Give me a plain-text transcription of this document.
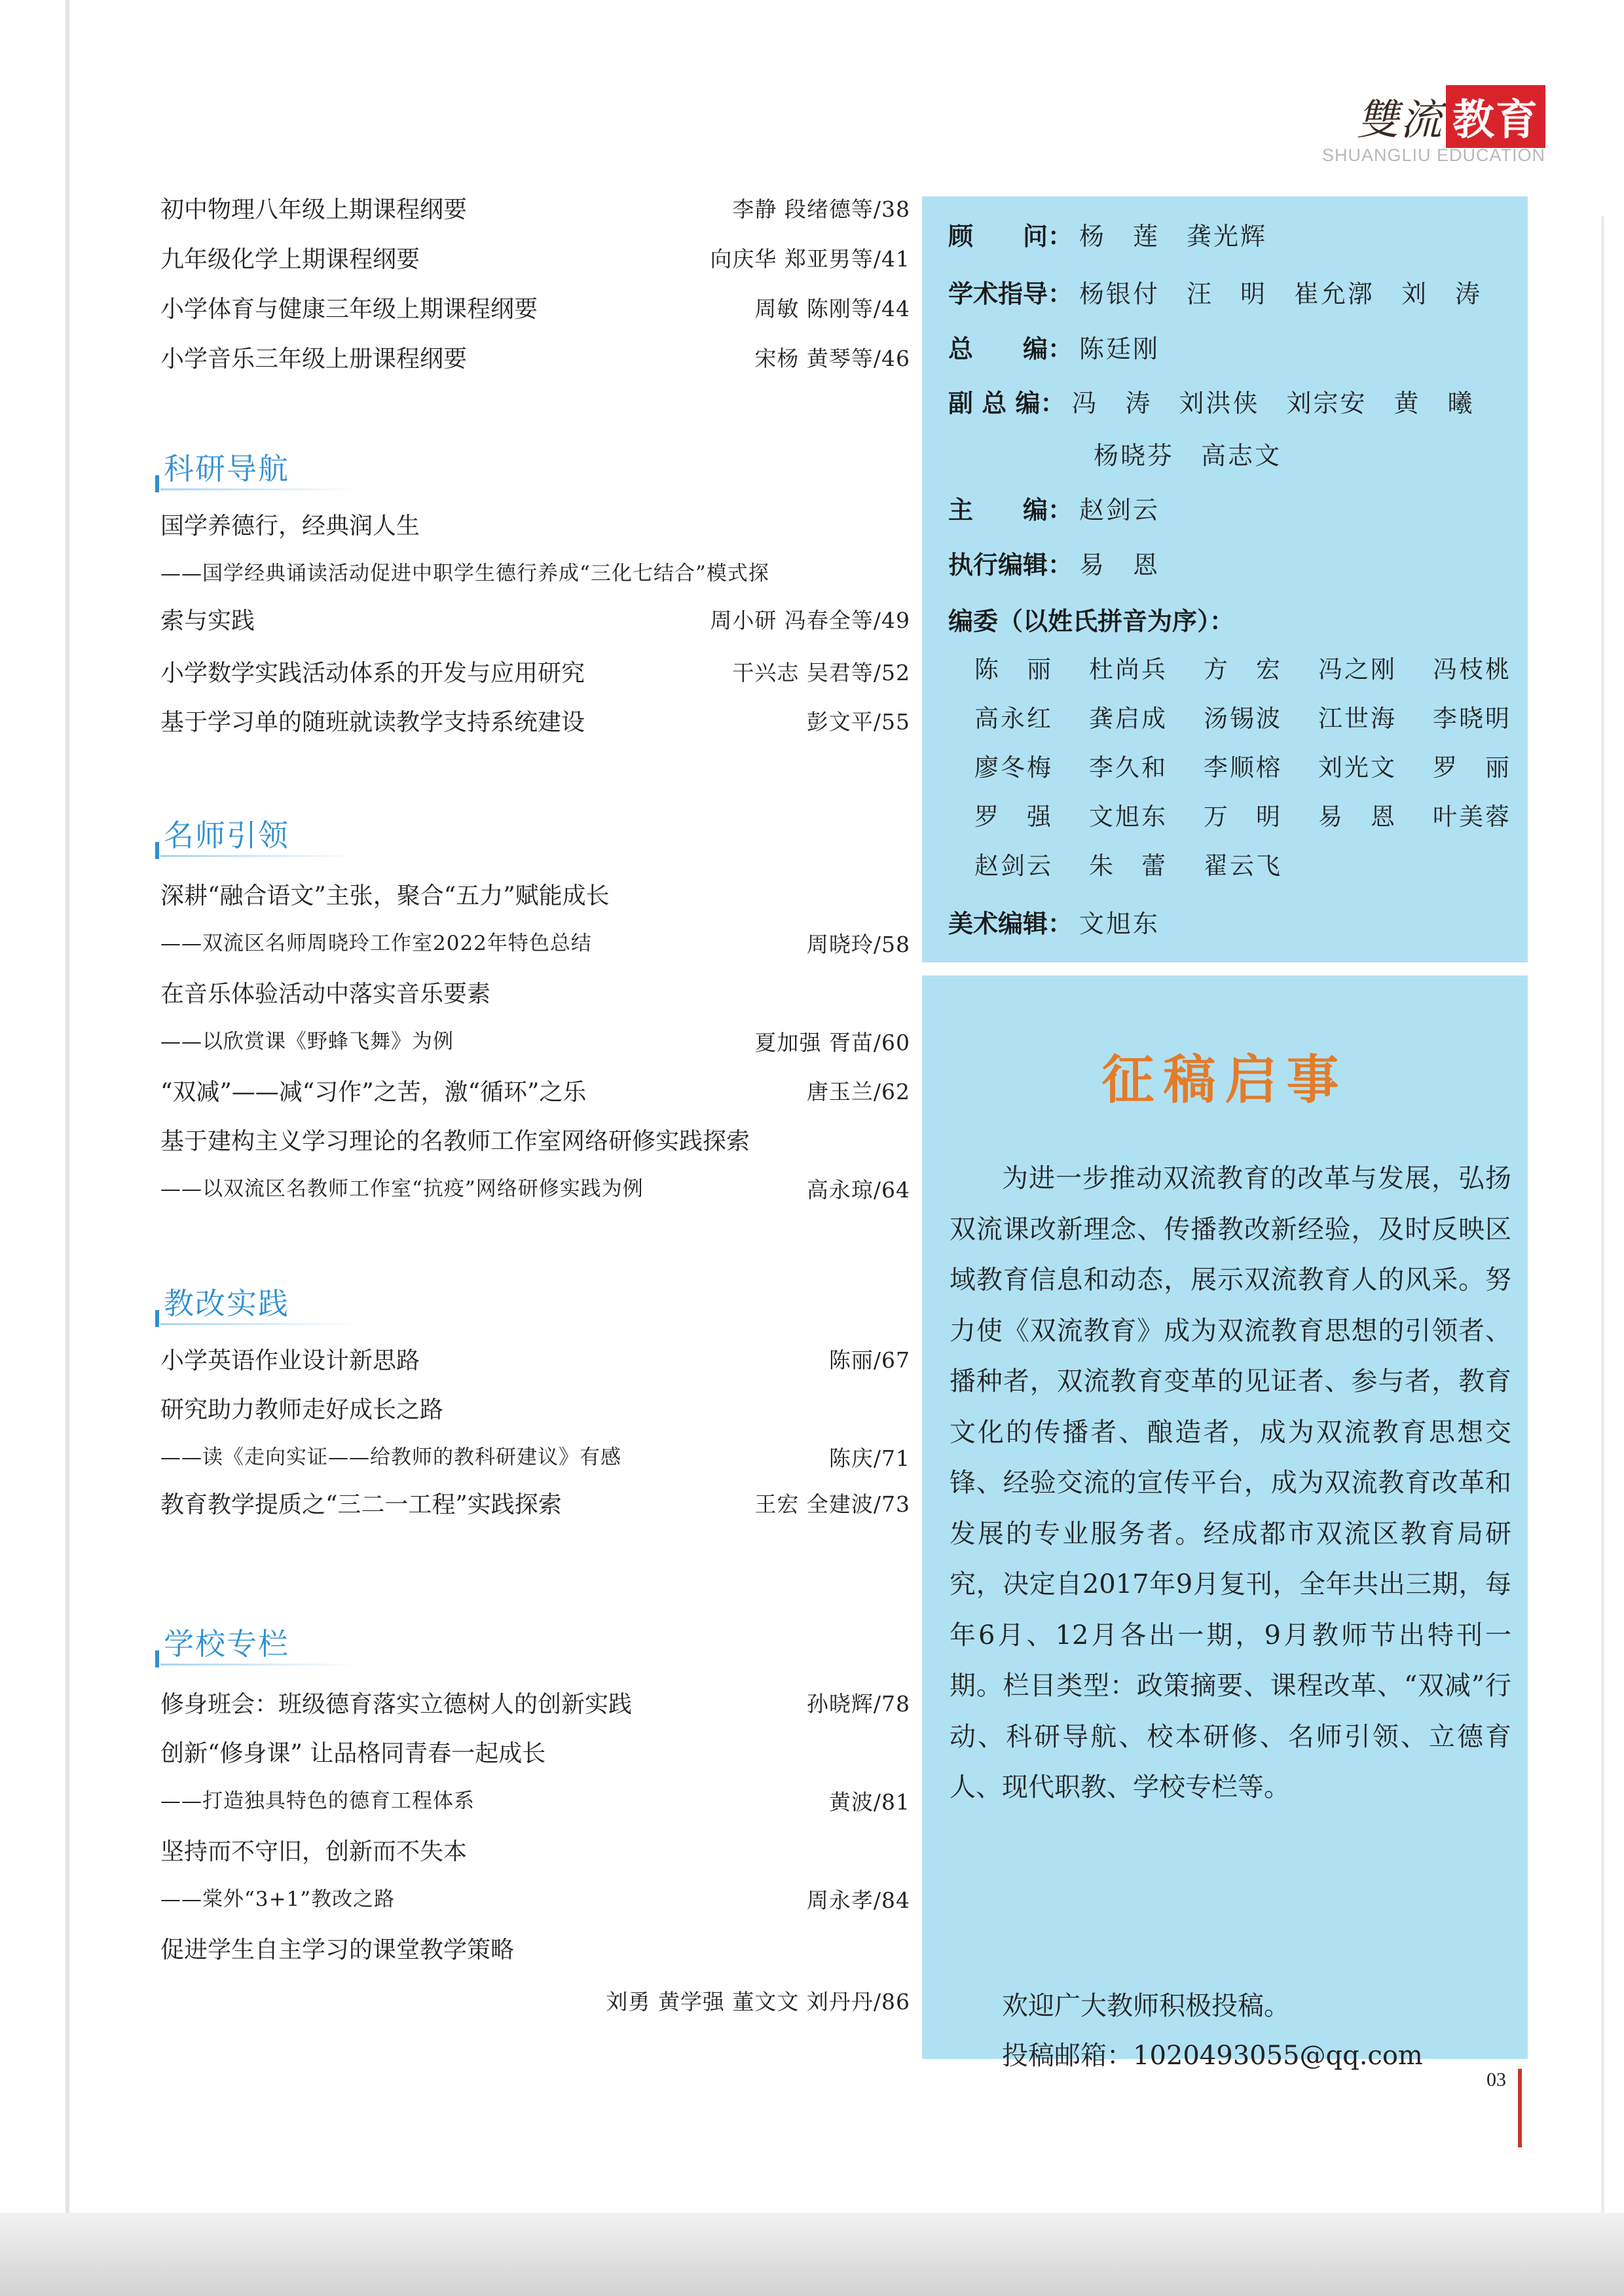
雙流 教育
SHUANGLIU EDUCATION
初中物理八年级上期课程纲要	李静 段绪德等/38
九年级化学上期课程纲要	向庆华 郑亚男等/41
小学体育与健康三年级上期课程纲要	周敏 陈刚等/44
小学音乐三年级上册课程纲要	宋杨 黄琴等/46
科研导航
国学养德行，经典润人生
——国学经典诵读活动促进中职学生德行养成“三化七结合”模式探
索与实践	周小研 冯春全等/49
小学数学实践活动体系的开发与应用研究	干兴志 吴君等/52
基于学习单的随班就读教学支持系统建设	彭文平/55
名师引领
深耕“融合语文”主张，聚合“五力”赋能成长
——双流区名师周晓玲工作室2022年特色总结	周晓玲/58
在音乐体验活动中落实音乐要素
——以欣赏课《野蜂飞舞》为例	夏加强 胥苗/60
“双减”——减“习作”之苦，激“循环”之乐	唐玉兰/62
基于建构主义学习理论的名教师工作室网络研修实践探索
——以双流区名教师工作室“抗疫”网络研修实践为例	高永琼/64
教改实践
小学英语作业设计新思路	陈丽/67
研究助力教师走好成长之路
——读《走向实证——给教师的教科研建议》有感	陈庆/71
教育教学提质之“三二一工程”实践探索	王宏 全建波/73
学校专栏
修身班会：班级德育落实立德树人的创新实践	孙晓辉/78
创新“修身课” 让品格同青春一起成长
——打造独具特色的德育工程体系	黄波/81
坚持而不守旧，创新而不失本
——棠外“3+1”教改之路	周永孝/84
促进学生自主学习的课堂教学策略
刘勇 黄学强 董文文 刘丹丹/86
顾　　问： 杨　莲　龚光辉
学术指导： 杨银付　汪　明　崔允漷　刘　涛
总　　编： 陈廷刚
副 总 编： 冯　涛　刘洪侠　刘宗安　黄　曦
杨晓芬　高志文
主　　编： 赵剑云
执行编辑： 易　恩
编委（以姓氏拼音为序）：
陈　丽 杜尚兵 方　宏 冯之刚 冯枝桃
高永红 龚启成 汤锡波 江世海 李晓明
廖冬梅 李久和 李顺榕 刘光文 罗　丽
罗　强 文旭东 万　明 易　恩 叶美蓉
赵剑云 朱　蕾 翟云飞
美术编辑： 文旭东
征稿启事
为进一步推动双流教育的改革与发展，弘扬双流课改新理念、传播教改新经验，及时反映区域教育信息和动态，展示双流教育人的风采。努力使《双流教育》成为双流教育思想的引领者、播种者，双流教育变革的见证者、参与者，教育文化的传播者、酿造者，成为双流教育思想交锋、经验交流的宣传平台，成为双流教育改革和发展的专业服务者。经成都市双流区教育局研究，决定自2017年9月复刊，全年共出三期，每年6月、12月各出一期，9月教师节出特刊一期。栏目类型：政策摘要、课程改革、“双减”行动、科研导航、校本研修、名师引领、立德育人、现代职教、学校专栏等。
欢迎广大教师积极投稿。
投稿邮箱：1020493055@qq.com
03
